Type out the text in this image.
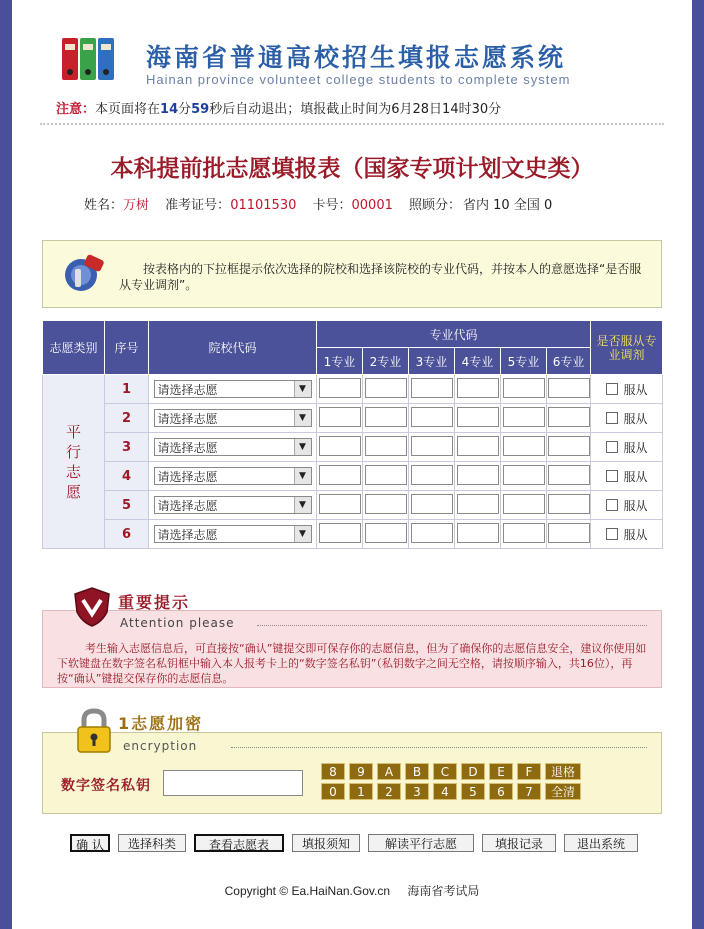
海南省普通高校招生填报志愿系统
Hainan province volunteet college students to complete system
注意：本页面将在14分59秒后自动退出；填报截止时间为6月28日14时30分
本科提前批志愿填报表（国家专项计划文史类）
姓名：万树 准考证号：01101530 卡号：00001 照顾分： 省内 10 全国 0
按表格内的下拉框提示依次选择的院校和选择该院校的专业代码，并按本人的意愿选择“是否服从专业调剂”。
志愿类别	序号	院校代码	专业代码						是否服从专业调剂
			1专业	2专业	3专业	4专业	5专业	6专业	

平行志愿	1	请选择志愿 ▼							服从
	2	请选择志愿 ▼							服从
	3	请选择志愿 ▼							服从
	4	请选择志愿 ▼							服从
	5	请选择志愿 ▼							服从
	6	请选择志愿 ▼							服从
考生输入志愿信息后，可直接按“确认”键提交即可保存你的志愿信息，但为了确保你的志愿信息安全，建议你使用如下软键盘在数字签名私钥框中输入本人报考卡上的“数字签名私钥”（私钥数字之间无空格，请按顺序输入，共16位），再按“确认”键提交保存你的志愿信息。
重要提示
Attention please
encryption
数字签名私钥
8	9	A	B	C	D	E	F	退格
0	1	2	3	4	5	6	7	全清
1志愿加密
确 认	选择科类	查看志愿表	填报须知	解读平行志愿	填报记录	退出系统
Copyright © Ea.HaiNan.Gov.cn 海南省考试局
